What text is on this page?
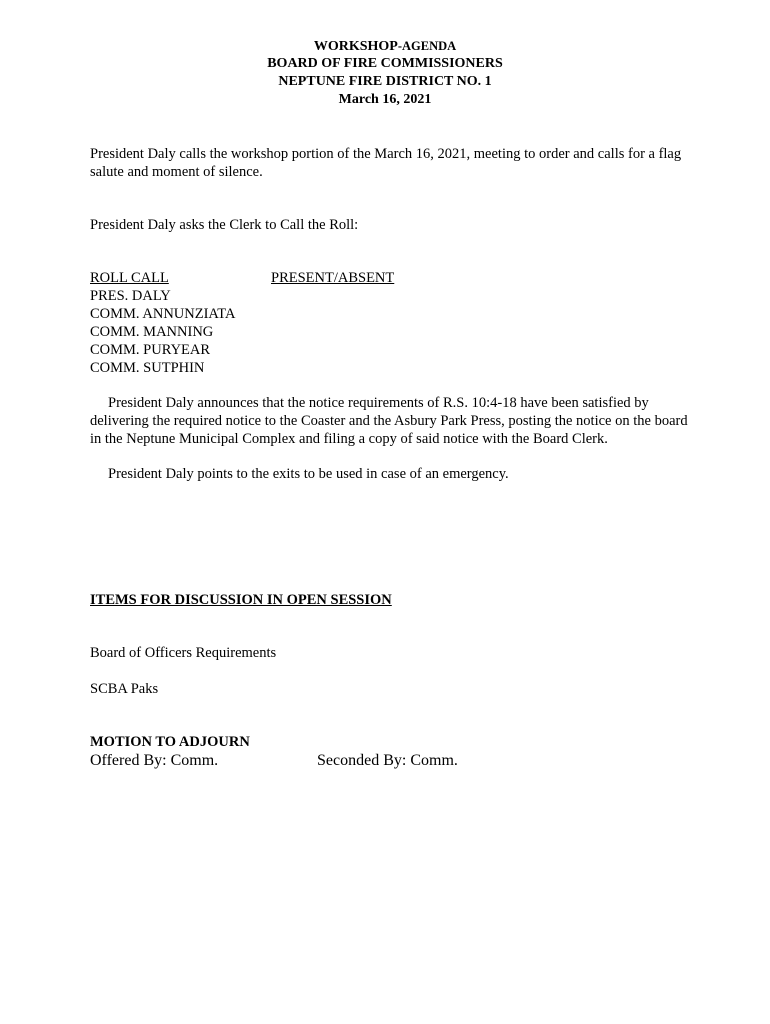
WORKSHOP-AGENDA
BOARD OF FIRE COMMISSIONERS
NEPTUNE FIRE DISTRICT NO. 1
March 16, 2021
President Daly calls the workshop portion of the March 16, 2021, meeting to order and calls for a flag salute and moment of silence.
President Daly asks the Clerk to Call the Roll:
ROLL CALL	PRESENT/ABSENT
PRES. DALY
COMM. ANNUNZIATA
COMM. MANNING
COMM. PURYEAR
COMM. SUTPHIN
President Daly announces that the notice requirements of R.S. 10:4-18 have been satisfied by delivering the required notice to the Coaster and the Asbury Park Press, posting the notice on the board in the Neptune Municipal Complex and filing a copy of said notice with the Board Clerk.
President Daly points to the exits to be used in case of an emergency.
ITEMS FOR DISCUSSION IN OPEN SESSION
Board of Officers Requirements
SCBA Paks
MOTION TO ADJOURN
Offered By: Comm.	Seconded By: Comm.
